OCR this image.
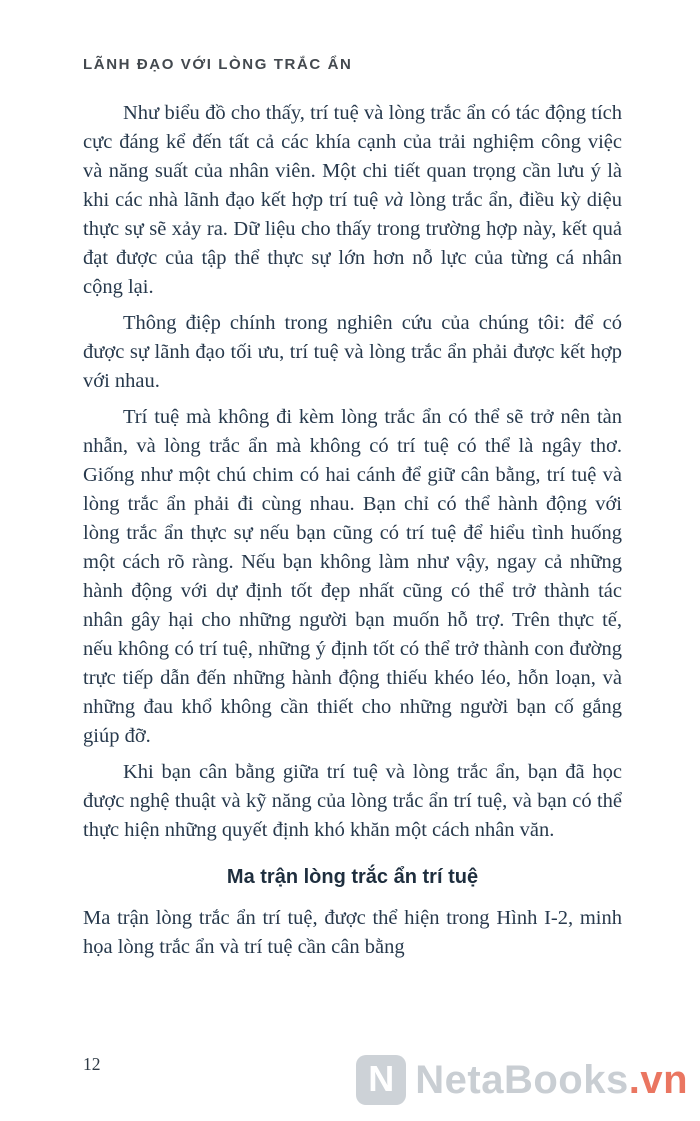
LÃNH ĐẠO VỚI LÒNG TRẮC ẨN

Như biểu đồ cho thấy, trí tuệ và lòng trắc ẩn có tác động tích cực đáng kể đến tất cả các khía cạnh của trải nghiệm công việc và năng suất của nhân viên. Một chi tiết quan trọng cần lưu ý là khi các nhà lãnh đạo kết hợp trí tuệ và lòng trắc ẩn, điều kỳ diệu thực sự sẽ xảy ra. Dữ liệu cho thấy trong trường hợp này, kết quả đạt được của tập thể thực sự lớn hơn nỗ lực của từng cá nhân cộng lại.

Thông điệp chính trong nghiên cứu của chúng tôi: để có được sự lãnh đạo tối ưu, trí tuệ và lòng trắc ẩn phải được kết hợp với nhau.

Trí tuệ mà không đi kèm lòng trắc ẩn có thể sẽ trở nên tàn nhẫn, và lòng trắc ẩn mà không có trí tuệ có thể là ngây thơ. Giống như một chú chim có hai cánh để giữ cân bằng, trí tuệ và lòng trắc ẩn phải đi cùng nhau. Bạn chỉ có thể hành động với lòng trắc ẩn thực sự nếu bạn cũng có trí tuệ để hiểu tình huống một cách rõ ràng. Nếu bạn không làm như vậy, ngay cả những hành động với dự định tốt đẹp nhất cũng có thể trở thành tác nhân gây hại cho những người bạn muốn hỗ trợ. Trên thực tế, nếu không có trí tuệ, những ý định tốt có thể trở thành con đường trực tiếp dẫn đến những hành động thiếu khéo léo, hỗn loạn, và những đau khổ không cần thiết cho những người bạn cố gắng giúp đỡ.

Khi bạn cân bằng giữa trí tuệ và lòng trắc ẩn, bạn đã học được nghệ thuật và kỹ năng của lòng trắc ẩn trí tuệ, và bạn có thể thực hiện những quyết định khó khăn một cách nhân văn.

Ma trận lòng trắc ẩn trí tuệ

Ma trận lòng trắc ẩn trí tuệ, được thể hiện trong Hình I-2, minh họa lòng trắc ẩn và trí tuệ cần cân bằng

12	N NetaBooks.vn
